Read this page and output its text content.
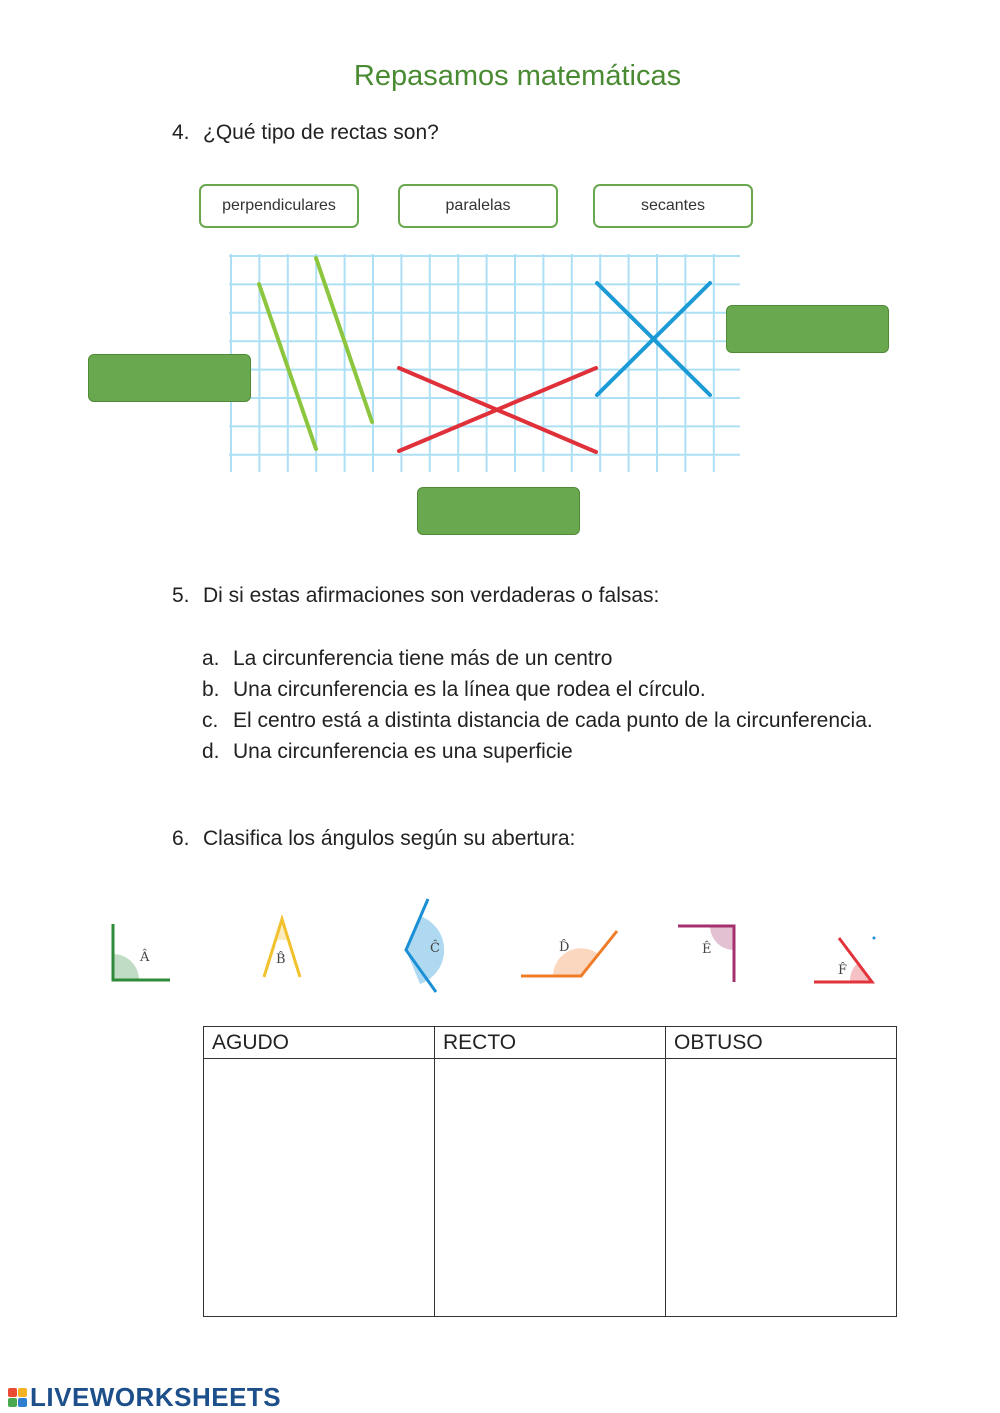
Repasamos matemáticas
4. ¿Qué tipo de rectas son?
perpendiculares	paralelas	secantes
5. Di si estas afirmaciones son verdaderas o falsas:
a. La circunferencia tiene más de un centro
b. Una circunferencia es la línea que rodea el círculo.
c. El centro está a distinta distancia de cada punto de la circunferencia.
d. Una circunferencia es una superficie
6. Clasifica los ángulos según su abertura:
Â	B̂
Ĉ	D̂	Ê
F̂
AGUDO	RECTO	OBTUSO

LIVEWORKSHEETS
